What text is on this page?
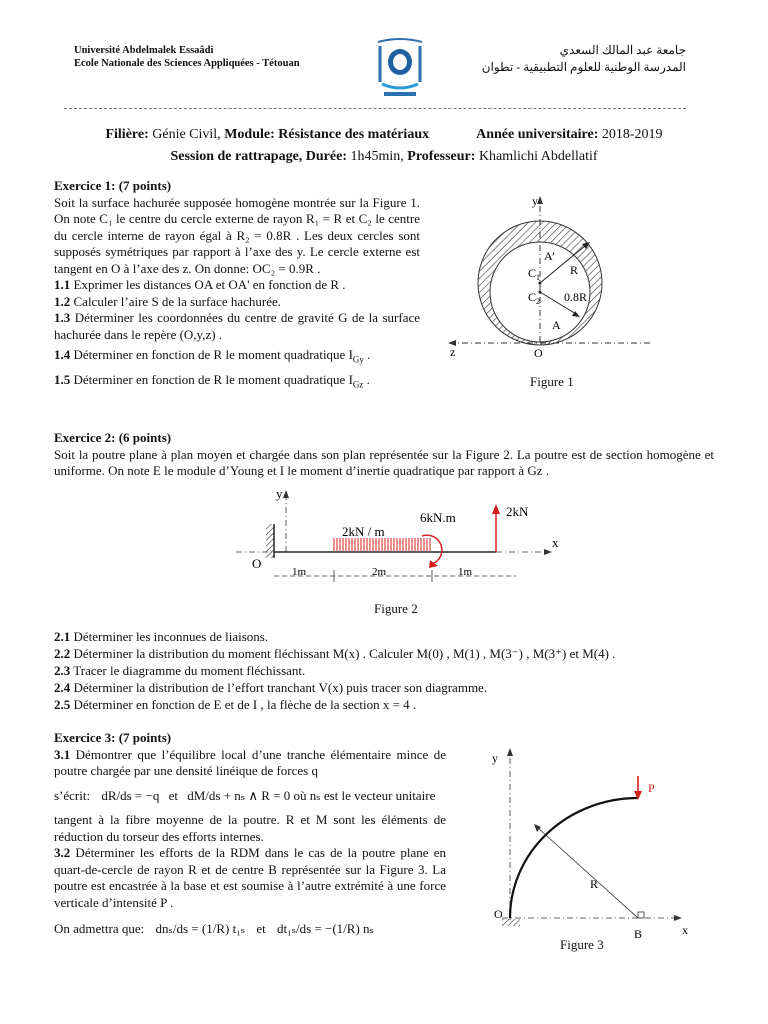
Université Abdelmalek Essaâdi
Ecole Nationale des Sciences Appliquées - Tétouan
جامعة عبد المالك السعدي
المدرسة الوطنية للعلوم التطبيقية - تطوان
Filière: Génie Civil, Module: Résistance des matériaux	Année universitaire: 2018-2019
Session de rattrapage, Durée: 1h45min, Professeur: Khamlichi Abdellatif
Exercice 1: (7 points)

Soit la surface hachurée supposée homogène montrée sur la Figure 1. On note C₁ le centre du cercle externe de rayon R₁ = R et C₂ le centre du cercle interne de rayon égal à R₂ = 0.8R . Les deux cercles sont supposés symétriques par rapport à l’axe des y. Le cercle externe est tangent en O à l’axe des z. On donne: OC₂ = 0.9R .

1.1 Exprimer les distances OA et OA' en fonction de R .

1.2 Calculer l’aire S de la surface hachurée.

1.3 Déterminer les coordonnées du centre de gravité G de la surface hachurée dans le repère (O,y,z) .

1.4 Déterminer en fonction de R le moment quadratique $I_{Gy}$ .

1.5 Déterminer en fonction de R le moment quadratique $I_{Gz}$ .

y
z	O
A
A’
$C_1$
$C_2$
R
0.8R
Figure 1
Exercice 2: (6 points)

Soit la poutre plane à plan moyen et chargée dans son plan représentée sur la Figure 2. La poutre est de section homogène et uniforme. On note E le module d’Young et I le moment d’inertie quadratique par rapport à Gz .

y
x
O
2kN / m
6kN.m	2kN
1m	2m	1m
Figure 2

2.1 Déterminer les inconnues de liaisons.

2.2 Déterminer la distribution du moment fléchissant M(x) . Calculer M(0) , M(1) , M(3⁻) , M(3⁺) et M(4) .

2.3 Tracer le diagramme du moment fléchissant.

2.4 Déterminer la distribution de l’effort tranchant V(x) puis tracer son diagramme.

2.5 Déterminer en fonction de E et de I , la flèche de la section x = 4 .

Exercice 3: (7 points)

3.1 Démontrer que l’équilibre local d’une tranche élémentaire mince de poutre chargée par une densité linéique de forces q

s’écrit: dR/ds = −q et dM/ds + nₛ ∧ R = 0 où nₛ est le vecteur unitaire

tangent à la fibre moyenne de la poutre. R et M sont les éléments de réduction du torseur des efforts internes.

3.2 Déterminer les efforts de la RDM dans le cas de la poutre plane en quart-de-cercle de rayon R et de centre B représentée sur la Figure 3. La poutre est encastrée à la base et est soumise à l’autre extrémité à une force verticale d’intensité P .

On admettra que: dnₛ/ds = (1/R) t₁ₛ et dt₁ₛ/ds = −(1/R) nₛ

y
x
O
B
R
P
Figure 3
